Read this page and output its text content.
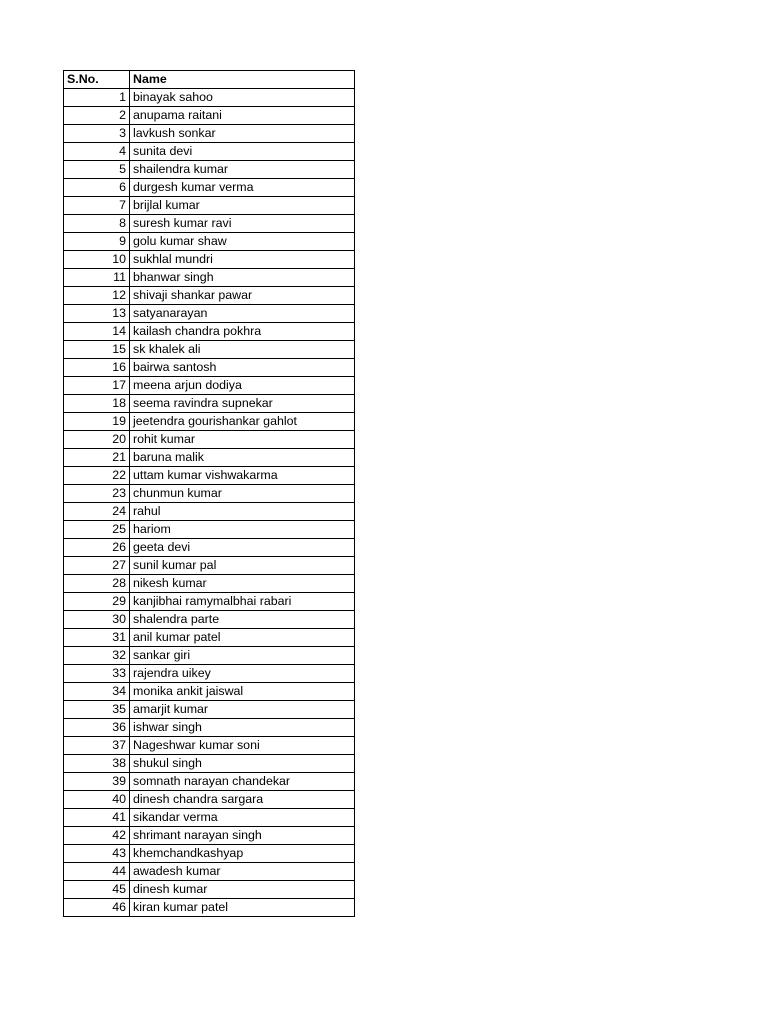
S.No.	Name
1	binayak sahoo
2	anupama raitani
3	lavkush sonkar
4	sunita devi
5	shailendra kumar
6	durgesh kumar verma
7	brijlal kumar
8	suresh kumar ravi
9	golu kumar shaw
10	sukhlal mundri
11	bhanwar singh
12	shivaji shankar pawar
13	satyanarayan
14	kailash chandra pokhra
15	sk khalek ali
16	bairwa santosh
17	meena arjun dodiya
18	seema ravindra supnekar
19	jeetendra gourishankar gahlot
20	rohit kumar
21	baruna malik
22	uttam kumar vishwakarma
23	chunmun kumar
24	rahul
25	hariom
26	geeta devi
27	sunil kumar pal
28	nikesh kumar
29	kanjibhai ramymalbhai rabari
30	shalendra parte
31	anil kumar patel
32	sankar giri
33	rajendra uikey
34	monika ankit jaiswal
35	amarjit kumar
36	ishwar singh
37	Nageshwar kumar soni
38	shukul singh
39	somnath narayan chandekar
40	dinesh chandra sargara
41	sikandar verma
42	shrimant narayan singh
43	khemchandkashyap
44	awadesh kumar
45	dinesh kumar
46	kiran kumar patel
